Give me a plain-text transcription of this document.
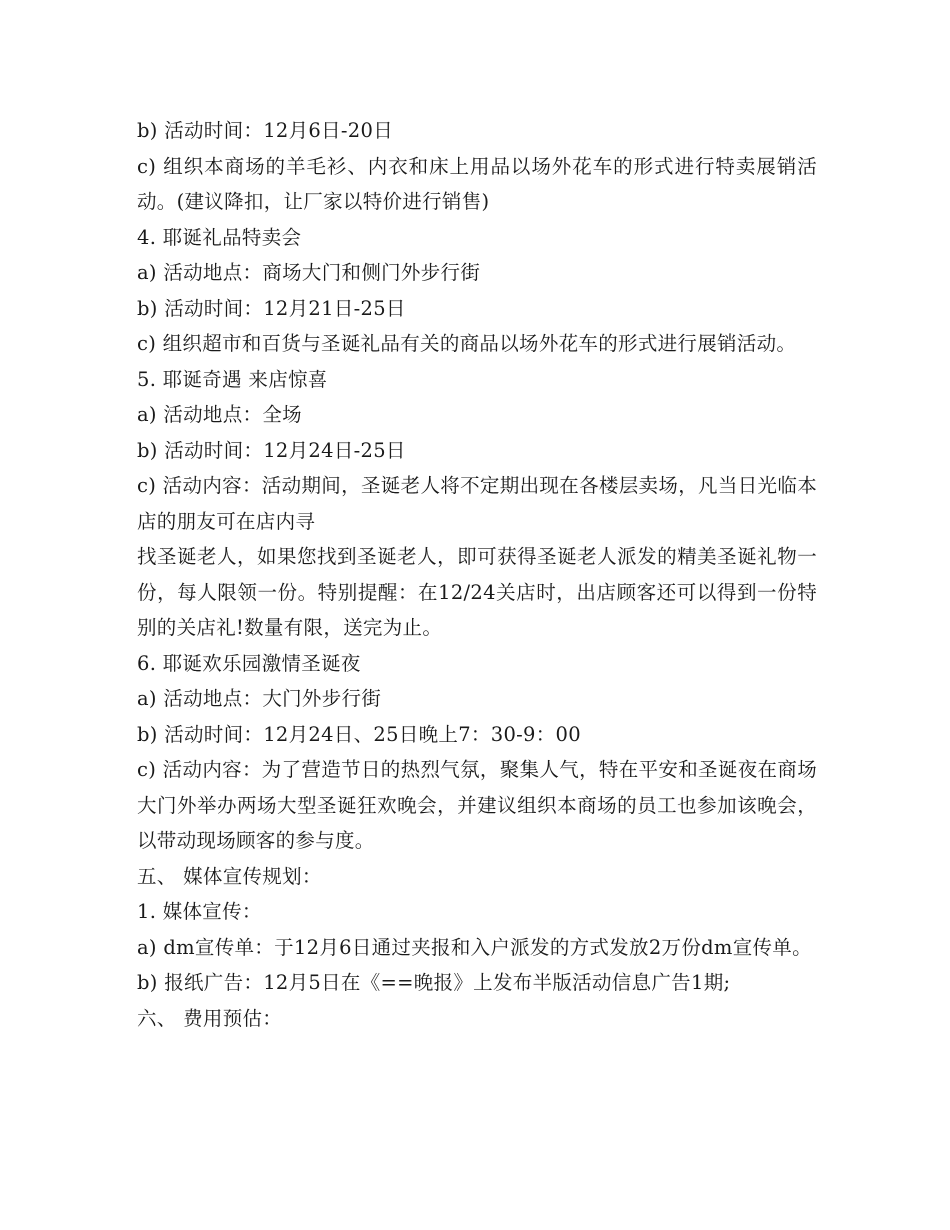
b) 活动时间：12月6日-20日
c) 组织本商场的羊毛衫、内衣和床上用品以场外花车的形式进行特卖展销活动。(建议降扣，让厂家以特价进行销售)
4. 耶诞礼品特卖会
a) 活动地点：商场大门和侧门外步行街
b) 活动时间：12月21日-25日
c) 组织超市和百货与圣诞礼品有关的商品以场外花车的形式进行展销活动。
5. 耶诞奇遇 来店惊喜
a) 活动地点：全场
b) 活动时间：12月24日-25日
c) 活动内容：活动期间，圣诞老人将不定期出现在各楼层卖场，凡当日光临本店的朋友可在店内寻
找圣诞老人，如果您找到圣诞老人，即可获得圣诞老人派发的精美圣诞礼物一份，每人限领一份。特别提醒：在12/24关店时，出店顾客还可以得到一份特别的关店礼!数量有限，送完为止。
6. 耶诞欢乐园激情圣诞夜
a) 活动地点：大门外步行街
b) 活动时间：12月24日、25日晚上7：30-9：00
c) 活动内容：为了营造节日的热烈气氛，聚集人气，特在平安和圣诞夜在商场大门外举办两场大型圣诞狂欢晚会，并建议组织本商场的员工也参加该晚会，以带动现场顾客的参与度。
五、 媒体宣传规划：
1. 媒体宣传：
a) dm宣传单：于12月6日通过夹报和入户派发的方式发放2万份dm宣传单。
b) 报纸广告：12月5日在《==晚报》上发布半版活动信息广告1期;
六、 费用预估：
